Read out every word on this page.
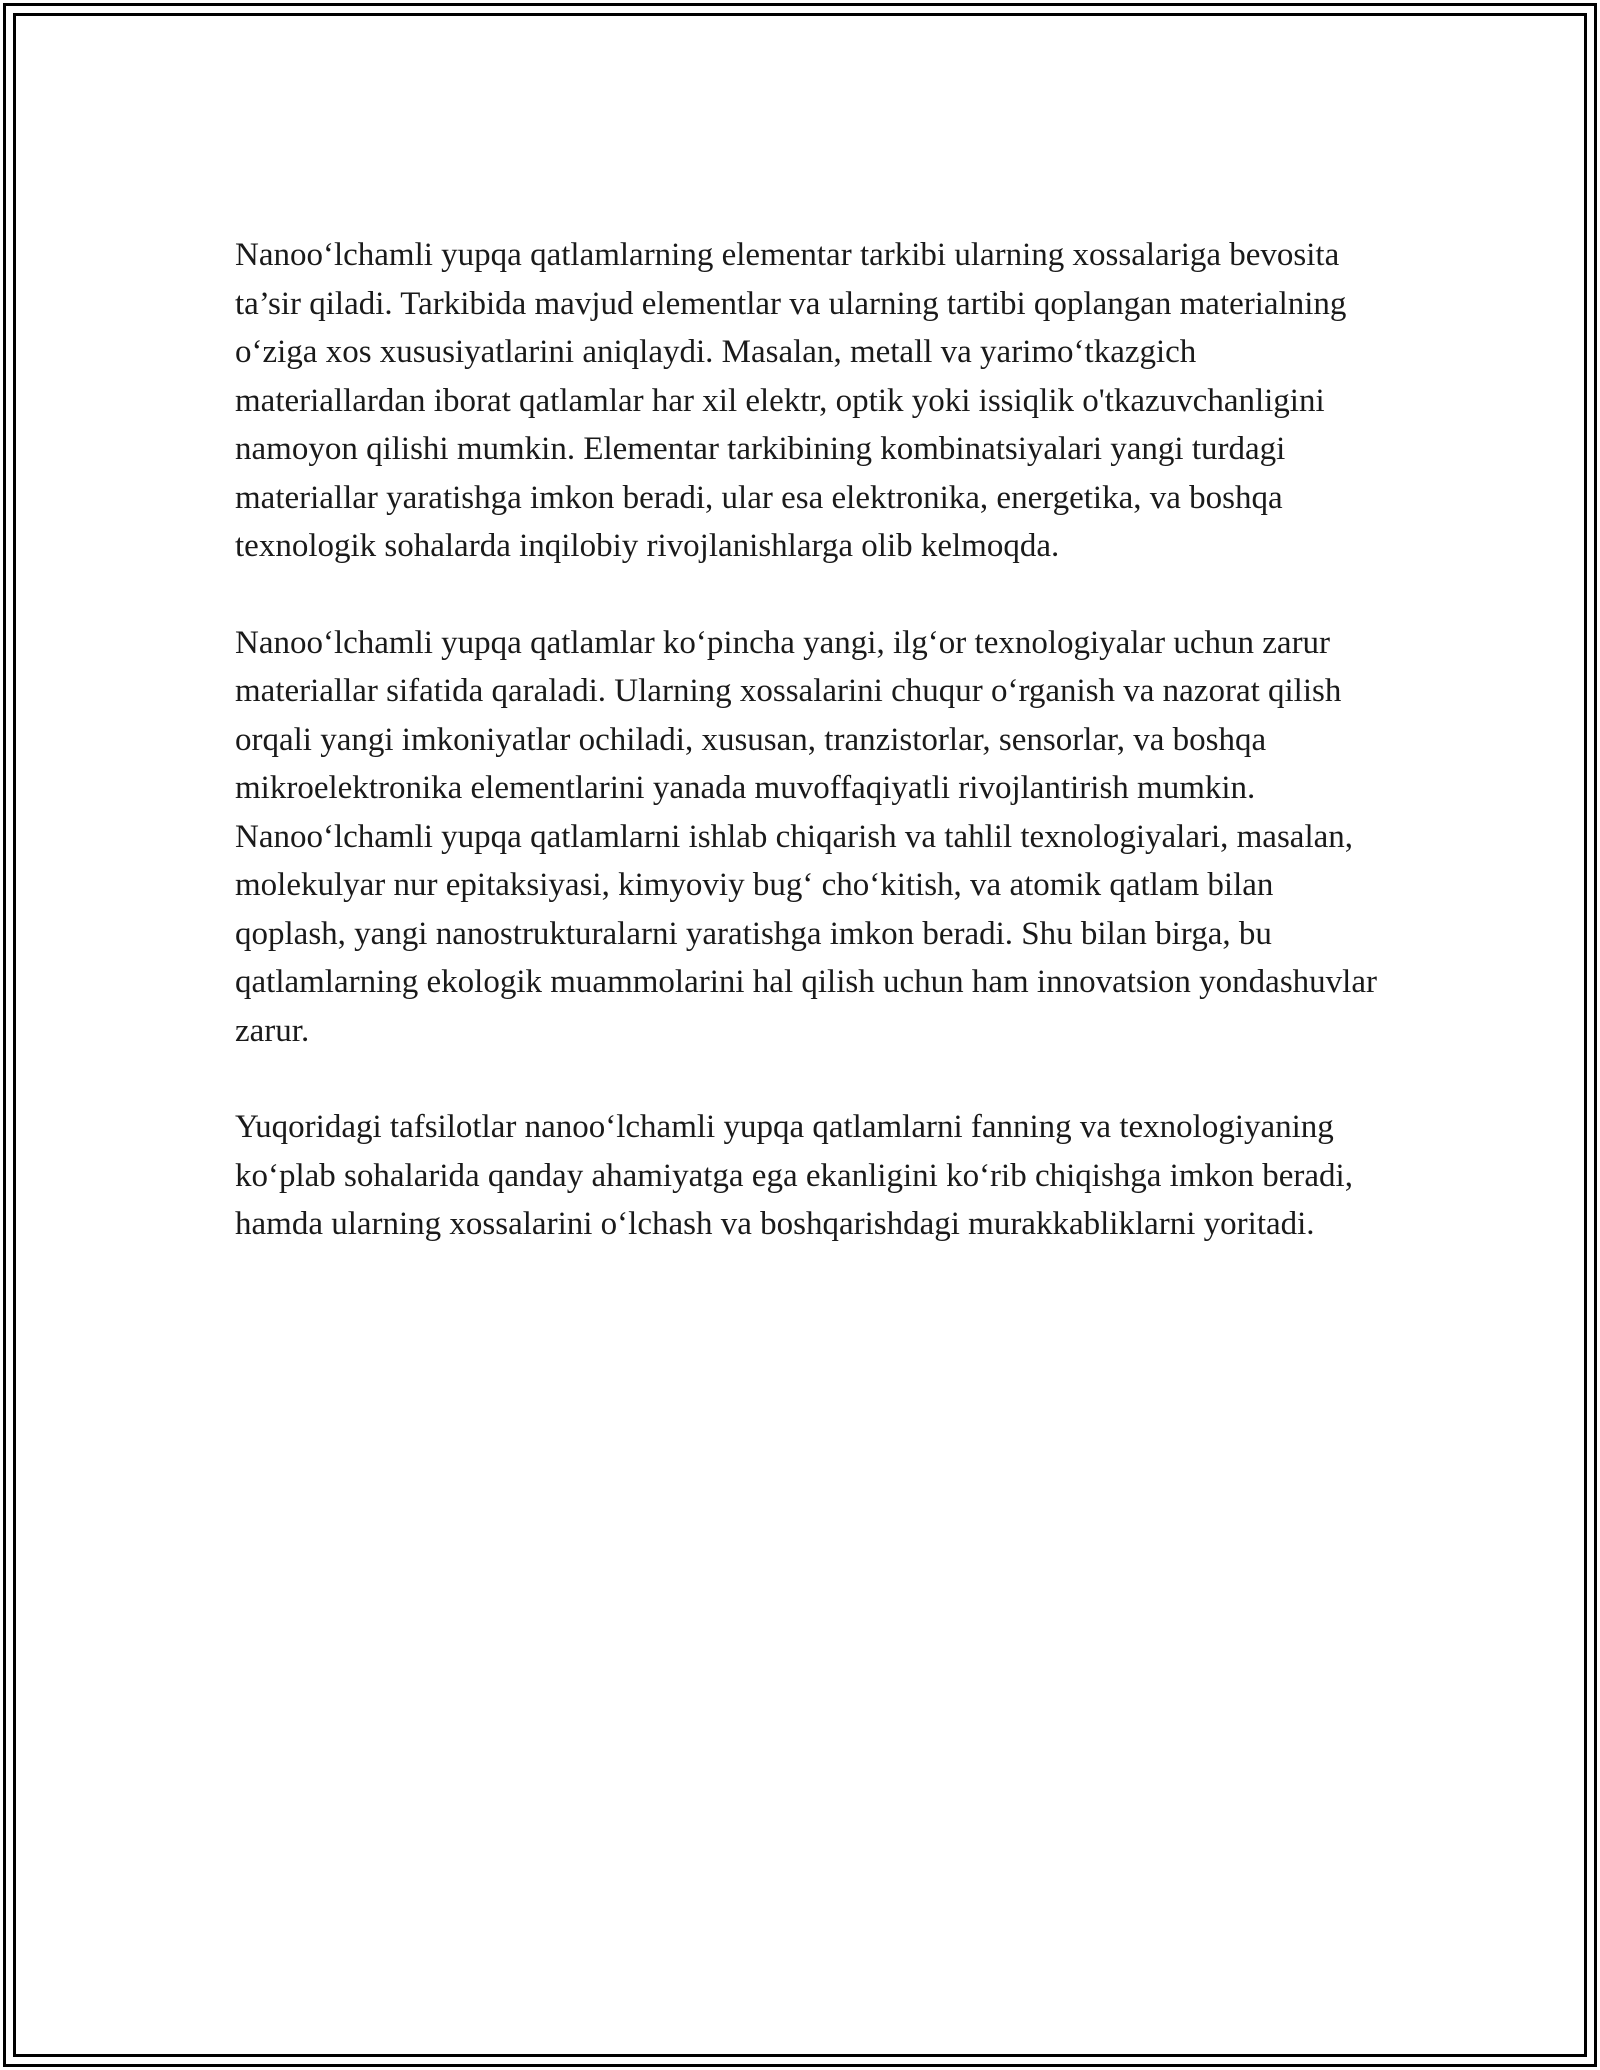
Nanoo‘lchamli yupqa qatlamlarning elementar tarkibi ularning xossalariga bevosita ta’sir qiladi. Tarkibida mavjud elementlar va ularning tartibi qoplangan materialning o‘ziga xos xususiyatlarini aniqlaydi. Masalan, metall va yarimo‘tkazgich materiallardan iborat qatlamlar har xil elektr, optik yoki issiqlik o'tkazuvchanligini namoyon qilishi mumkin. Elementar tarkibining kombinatsiyalari yangi turdagi materiallar yaratishga imkon beradi, ular esa elektronika, energetika, va boshqa texnologik sohalarda inqilobiy rivojlanishlarga olib kelmoqda.

Nanoo‘lchamli yupqa qatlamlar ko‘pincha yangi, ilg‘or texnologiyalar uchun zarur materiallar sifatida qaraladi. Ularning xossalarini chuqur o‘rganish va nazorat qilish orqali yangi imkoniyatlar ochiladi, xususan, tranzistorlar, sensorlar, va boshqa mikroelektronika elementlarini yanada muvoffaqiyatli rivojlantirish mumkin. Nanoo‘lchamli yupqa qatlamlarni ishlab chiqarish va tahlil texnologiyalari, masalan, molekulyar nur epitaksiyasi, kimyoviy bug‘ cho‘kitish, va atomik qatlam bilan qoplash, yangi nanostrukturalarni yaratishga imkon beradi. Shu bilan birga, bu qatlamlarning ekologik muammolarini hal qilish uchun ham innovatsion yondashuvlar zarur.

Yuqoridagi tafsilotlar nanoo‘lchamli yupqa qatlamlarni fanning va texnologiyaning ko‘plab sohalarida qanday ahamiyatga ega ekanligini ko‘rib chiqishga imkon beradi, hamda ularning xossalarini o‘lchash va boshqarishdagi murakkabliklarni yoritadi.
